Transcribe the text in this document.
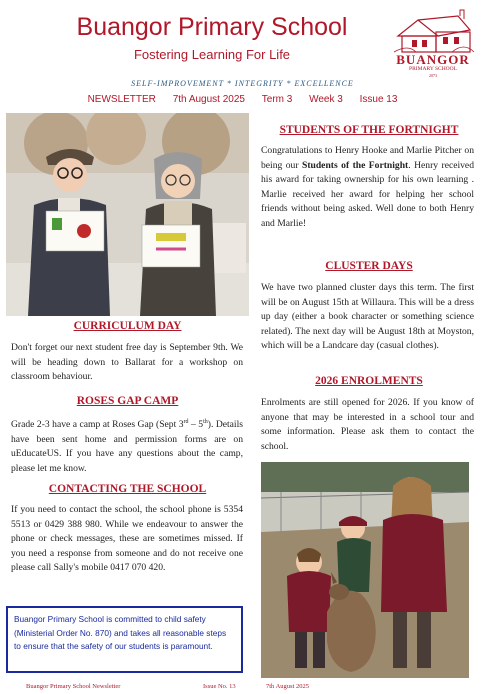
Buangor Primary School
Fostering Learning For Life	BUANGOR
PRIMARY SCHOOL
2073
SELF-IMPROVEMENT * INTEGRITY * EXCELLENCE
NEWSLETTER 7th August 2025 Term 3 Week 3 Issue 13
CURRICULUM DAY
Don't forget our next student free day is September 9th. We will be heading down to Ballarat for a workshop on classroom behaviour.
ROSES GAP CAMP
Grade 2-3 have a camp at Roses Gap (Sept 3rd – 5th). Details have been sent home and permission forms are on uEducateUS. If you have any questions about the camp, please let me know.
CONTACTING THE SCHOOL
If you need to contact the school, the school phone is 5354 5513 or 0429 388 980. While we endeavour to answer the phone or check messages, these are sometimes missed. If you need a response from someone and do not receive one please call Sally's mobile 0417 070 420.
Buangor Primary School is committed to child safety (Ministerial Order No. 870) and takes all reasonable steps to ensure that the safety of our students is paramount.
STUDENTS OF THE FORTNIGHT
Congratulations to Henry Hooke and Marlie Pitcher on being our Students of the Fortnight. Henry received his award for taking ownership for his own learning . Marlie received her award for helping her school friends without being asked. Well done to both Henry and Marlie!
CLUSTER DAYS
We have two planned cluster days this term. The first will be on August 15th at Willaura. This will be a dress up day (either a book character or something science related). The next day will be August 18th at Moyston, which will be a Landcare day (casual clothes).
2026 ENROLMENTS
Enrolments are still opened for 2026. If you know of anyone that may be interested in a school tour and some information. Please ask them to contact the school.
Buangor Primary School Newsletter	Issue No. 13	7th August 2025
